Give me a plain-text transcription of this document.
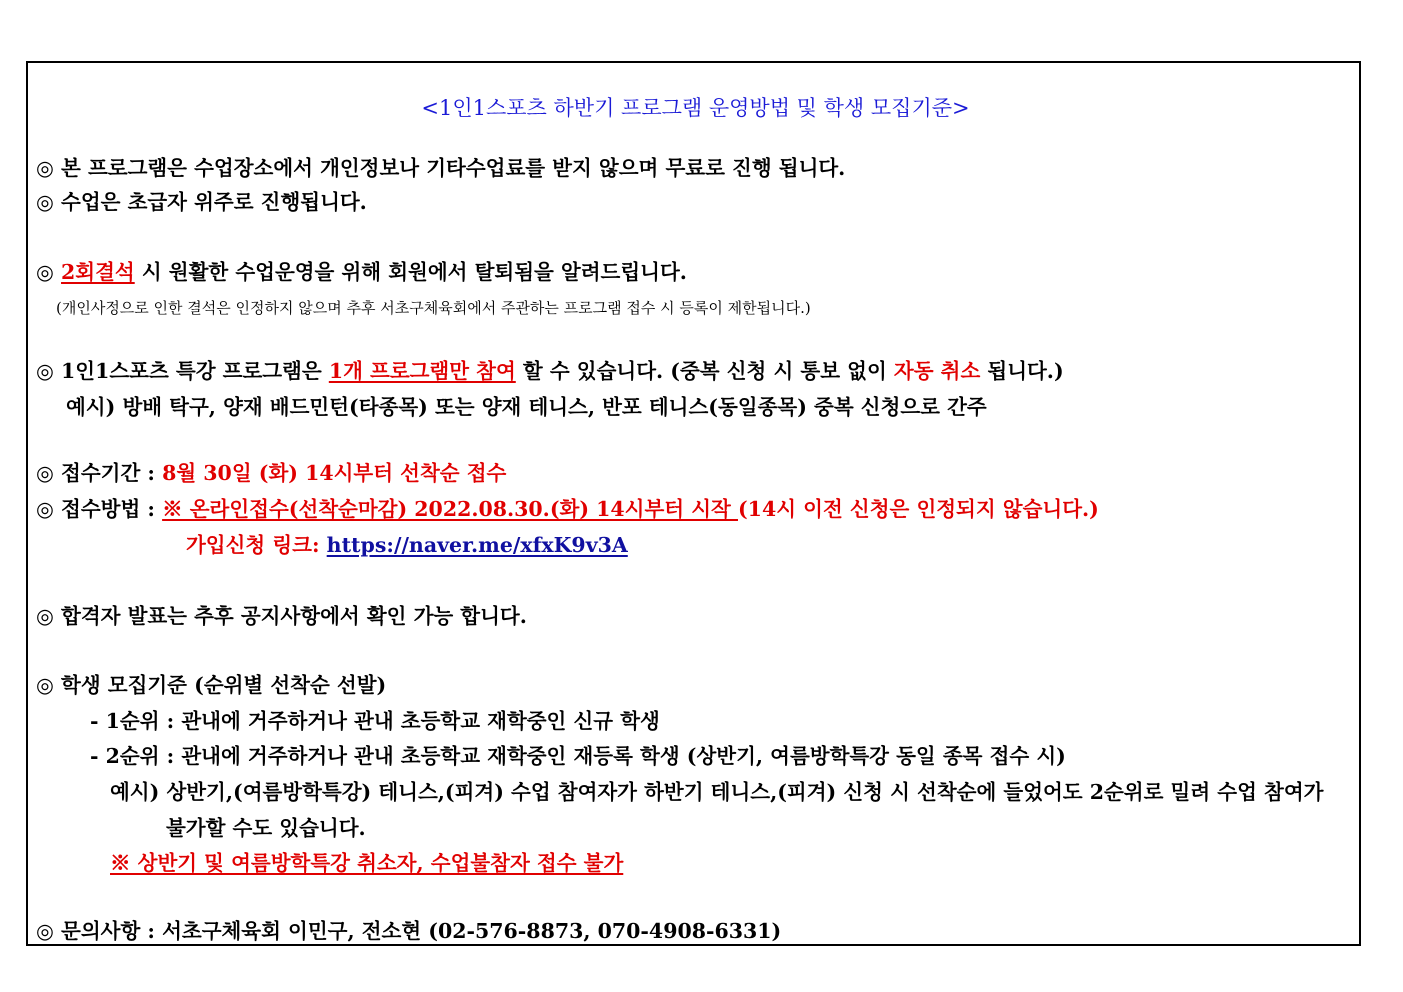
<1인1스포츠 하반기 프로그램 운영방법 및 학생 모집기준>
◎ 본 프로그램은 수업장소에서 개인정보나 기타수업료를 받지 않으며 무료로 진행 됩니다.
◎ 수업은 초급자 위주로 진행됩니다.
◎ 2회결석 시 원활한 수업운영을 위해 회원에서 탈퇴됨을 알려드립니다.
(개인사정으로 인한 결석은 인정하지 않으며 추후 서초구체육회에서 주관하는 프로그램 접수 시 등록이 제한됩니다.)
◎ 1인1스포츠 특강 프로그램은 1개 프로그램만 참여 할 수 있습니다. (중복 신청 시 통보 없이 자동 취소 됩니다.)
예시) 방배 탁구, 양재 배드민턴(타종목) 또는 양재 테니스, 반포 테니스(동일종목) 중복 신청으로 간주
◎ 접수기간 : 8월 30일 (화) 14시부터 선착순 접수
◎ 접수방법 : ※ 온라인접수(선착순마감) 2022.08.30.(화) 14시부터 시작 (14시 이전 신청은 인정되지 않습니다.)
가입신청 링크: https://naver.me/xfxK9v3A
◎ 합격자 발표는 추후 공지사항에서 확인 가능 합니다.
◎ 학생 모집기준 (순위별 선착순 선발)
- 1순위 : 관내에 거주하거나 관내 초등학교 재학중인 신규 학생
- 2순위 : 관내에 거주하거나 관내 초등학교 재학중인 재등록 학생 (상반기, 여름방학특강 동일 종목 접수 시)
예시) 상반기,(여름방학특강) 테니스,(피겨) 수업 참여자가 하반기 테니스,(피겨) 신청 시 선착순에 들었어도 2순위로 밀려 수업 참여가
불가할 수도 있습니다.
※ 상반기 및 여름방학특강 취소자, 수업불참자 접수 불가
◎ 문의사항 : 서초구체육회 이민구, 전소현 (02-576-8873, 070-4908-6331)
